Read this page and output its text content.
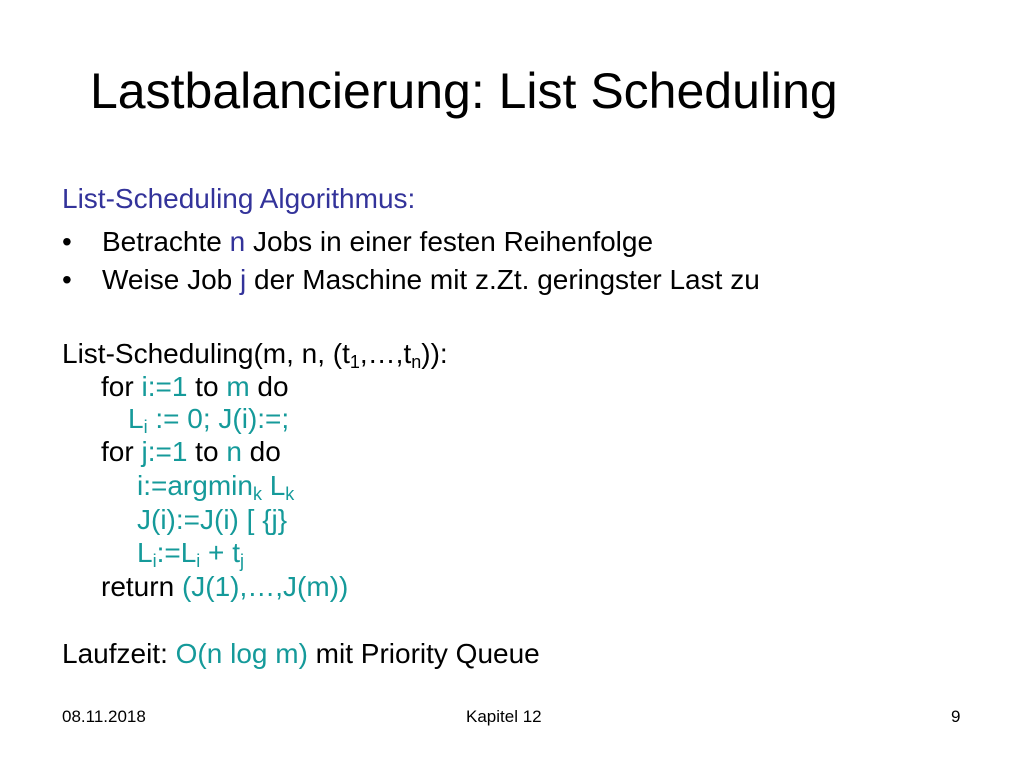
Lastbalancierung: List Scheduling
List-Scheduling Algorithmus:
• Betrachte n Jobs in einer festen Reihenfolge
• Weise Job j der Maschine mit z.Zt. geringster Last zu
List-Scheduling(m, n, $(t_1,\dots,t_n)$):
for i:=1 to m do
$L_i$ := 0; J(i):=;
for j:=1 to n do
i:=argmin$_k$ $L_k$
J(i):=J(i) [ {j}
$L_i:=L_i + t_j$
return (J(1),…,J(m))
Laufzeit: O(n log m) mit Priority Queue
08.11.2018	Kapitel 12	9
